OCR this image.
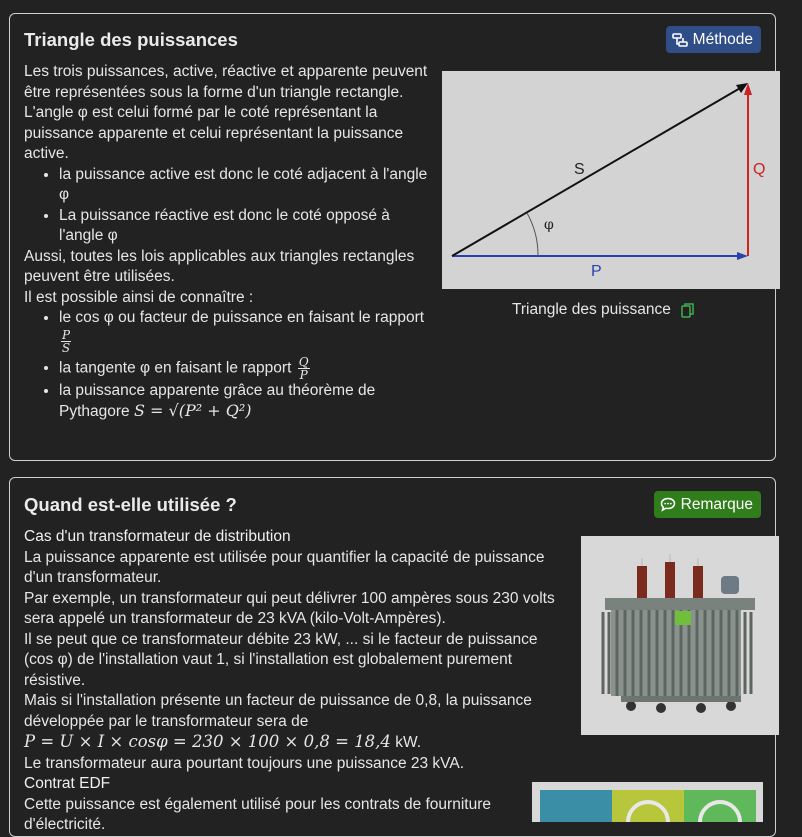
Triangle des puissances	Méthode

Les trois puissances, active, réactive et apparente peuvent être représentées sous la forme d'un triangle rectangle.

L'angle φ est celui formé par le coté représentant la puissance apparente et celui représentant la puissance active.

• la puissance active est donc le coté adjacent à l'angle φ
• La puissance réactive est donc le coté opposé à l'angle φ

Aussi, toutes les lois applicables aux triangles rectangles peuvent être utilisées.

Il est possible ainsi de connaître :

• le cos φ ou facteur de puissance en faisant le rapport

$\frac{P}{S}$
• la tangente φ en faisant le rapport $\frac{Q}{P}$
• la puissance apparente grâce au théorème de
Pythagore S = √(P² + Q²)
φ
S	Q
P
Triangle des puissance
Quand est-elle utilisée ?	Remarque

Cas d'un transformateur de distribution

La puissance apparente est utilisée pour quantifier la capacité de puissance d'un transformateur.

Par exemple, un transformateur qui peut délivrer 100 ampères sous 230 volts sera appelé un transformateur de 23 kVA (kilo-Volt-Ampères).

Il se peut que ce transformateur débite 23 kW, ... si le facteur de puissance (cos φ) de l'installation vaut 1, si l'installation est globalement purement résistive.

Mais si l'installation présente un facteur de puissance de 0,8, la puissance développée par le transformateur sera de

P = U × I × cosφ = 230 × 100 × 0,8 = 18,4 kW.

Le transformateur aura pourtant toujours une puissance 23 kVA.

Contrat EDF

Cette puissance est également utilisé pour les contrats de fourniture d'électricité.
